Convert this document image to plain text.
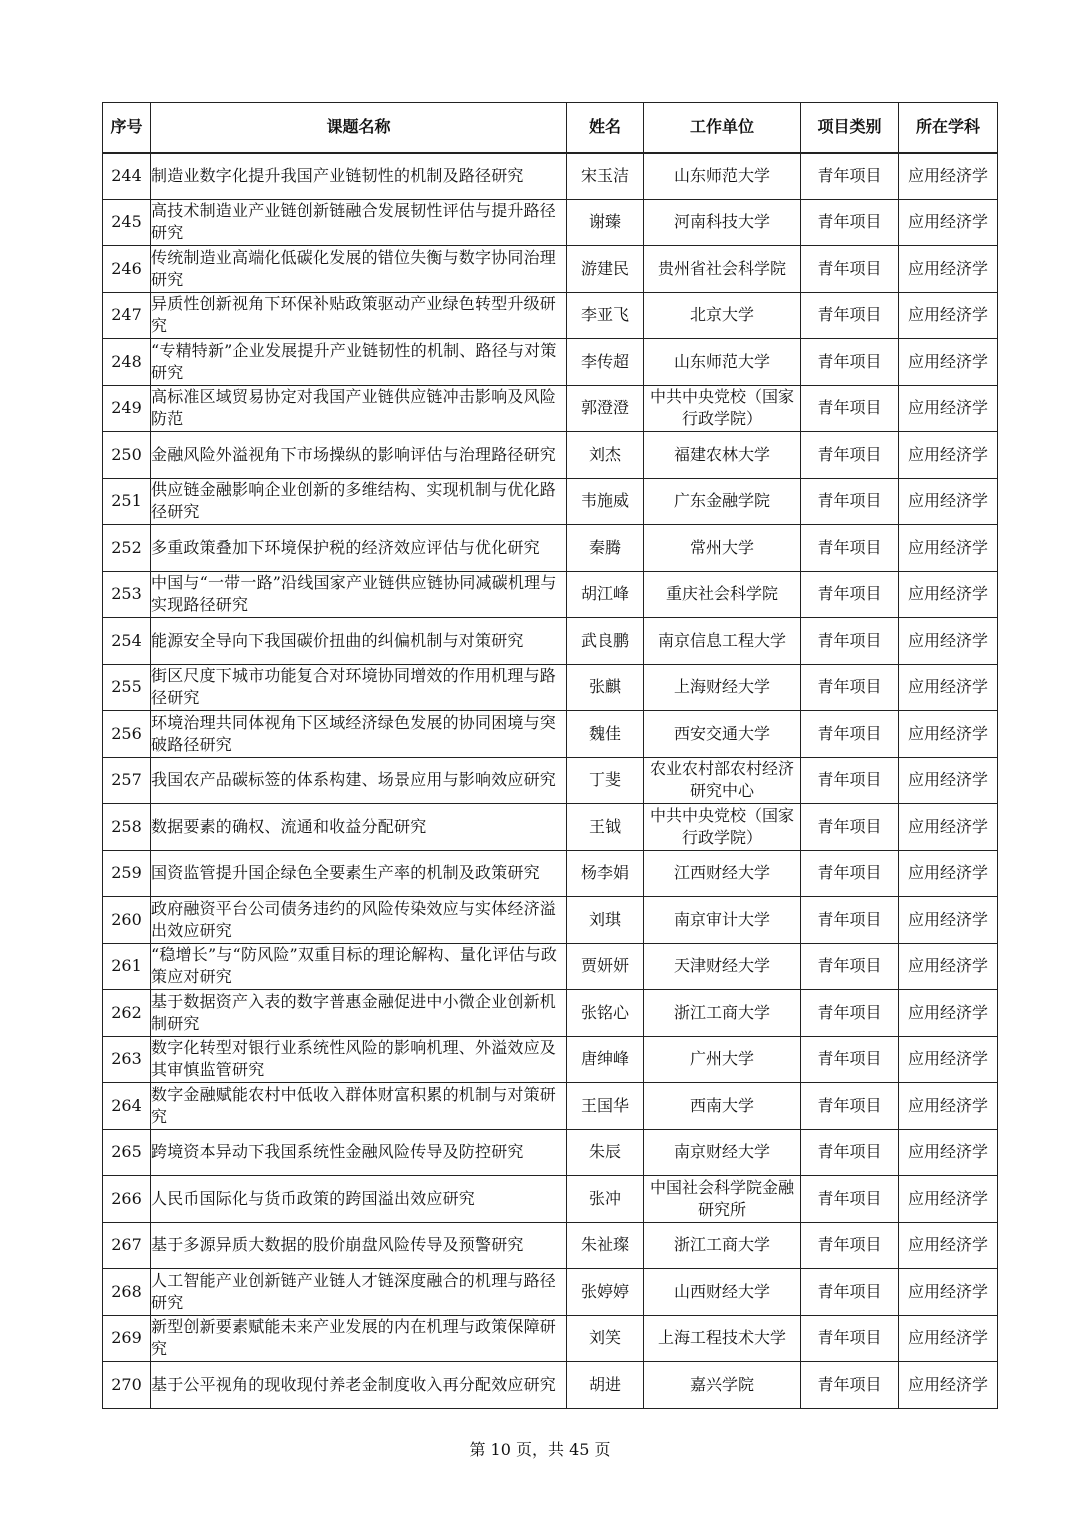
序号	课题名称	姓名	工作单位	项目类别	所在学科
244	制造业数字化提升我国产业链韧性的机制及路径研究	宋玉洁	山东师范大学	青年项目	应用经济学
245	高技术制造业产业链创新链融合发展韧性评估与提升路径研究	谢臻	河南科技大学	青年项目	应用经济学
246	传统制造业高端化低碳化发展的错位失衡与数字协同治理研究	游建民	贵州省社会科学院	青年项目	应用经济学
247	异质性创新视角下环保补贴政策驱动产业绿色转型升级研究	李亚飞	北京大学	青年项目	应用经济学
248	“专精特新”企业发展提升产业链韧性的机制、路径与对策研究	李传超	山东师范大学	青年项目	应用经济学
249	高标准区域贸易协定对我国产业链供应链冲击影响及风险防范	郭澄澄	中共中央党校（国家行政学院）	青年项目	应用经济学
250	金融风险外溢视角下市场操纵的影响评估与治理路径研究	刘杰	福建农林大学	青年项目	应用经济学
251	供应链金融影响企业创新的多维结构、实现机制与优化路径研究	韦施威	广东金融学院	青年项目	应用经济学
252	多重政策叠加下环境保护税的经济效应评估与优化研究	秦腾	常州大学	青年项目	应用经济学
253	中国与“一带一路”沿线国家产业链供应链协同减碳机理与实现路径研究	胡江峰	重庆社会科学院	青年项目	应用经济学
254	能源安全导向下我国碳价扭曲的纠偏机制与对策研究	武良鹏	南京信息工程大学	青年项目	应用经济学
255	街区尺度下城市功能复合对环境协同增效的作用机理与路径研究	张麒	上海财经大学	青年项目	应用经济学
256	环境治理共同体视角下区域经济绿色发展的协同困境与突破路径研究	魏佳	西安交通大学	青年项目	应用经济学
257	我国农产品碳标签的体系构建、场景应用与影响效应研究	丁斐	农业农村部农村经济研究中心	青年项目	应用经济学
258	数据要素的确权、流通和收益分配研究	王钺	中共中央党校（国家行政学院）	青年项目	应用经济学
259	国资监管提升国企绿色全要素生产率的机制及政策研究	杨李娟	江西财经大学	青年项目	应用经济学
260	政府融资平台公司债务违约的风险传染效应与实体经济溢出效应研究	刘琪	南京审计大学	青年项目	应用经济学
261	“稳增长”与“防风险”双重目标的理论解构、量化评估与政策应对研究	贾妍妍	天津财经大学	青年项目	应用经济学
262	基于数据资产入表的数字普惠金融促进中小微企业创新机制研究	张铭心	浙江工商大学	青年项目	应用经济学
263	数字化转型对银行业系统性风险的影响机理、外溢效应及其审慎监管研究	唐绅峰	广州大学	青年项目	应用经济学
264	数字金融赋能农村中低收入群体财富积累的机制与对策研究	王国华	西南大学	青年项目	应用经济学
265	跨境资本异动下我国系统性金融风险传导及防控研究	朱辰	南京财经大学	青年项目	应用经济学
266	人民币国际化与货币政策的跨国溢出效应研究	张冲	中国社会科学院金融研究所	青年项目	应用经济学
267	基于多源异质大数据的股价崩盘风险传导及预警研究	朱祉璨	浙江工商大学	青年项目	应用经济学
268	人工智能产业创新链产业链人才链深度融合的机理与路径研究	张婷婷	山西财经大学	青年项目	应用经济学
269	新型创新要素赋能未来产业发展的内在机理与政策保障研究	刘笑	上海工程技术大学	青年项目	应用经济学
270	基于公平视角的现收现付养老金制度收入再分配效应研究	胡进	嘉兴学院	青年项目	应用经济学
第 10 页，共 45 页
